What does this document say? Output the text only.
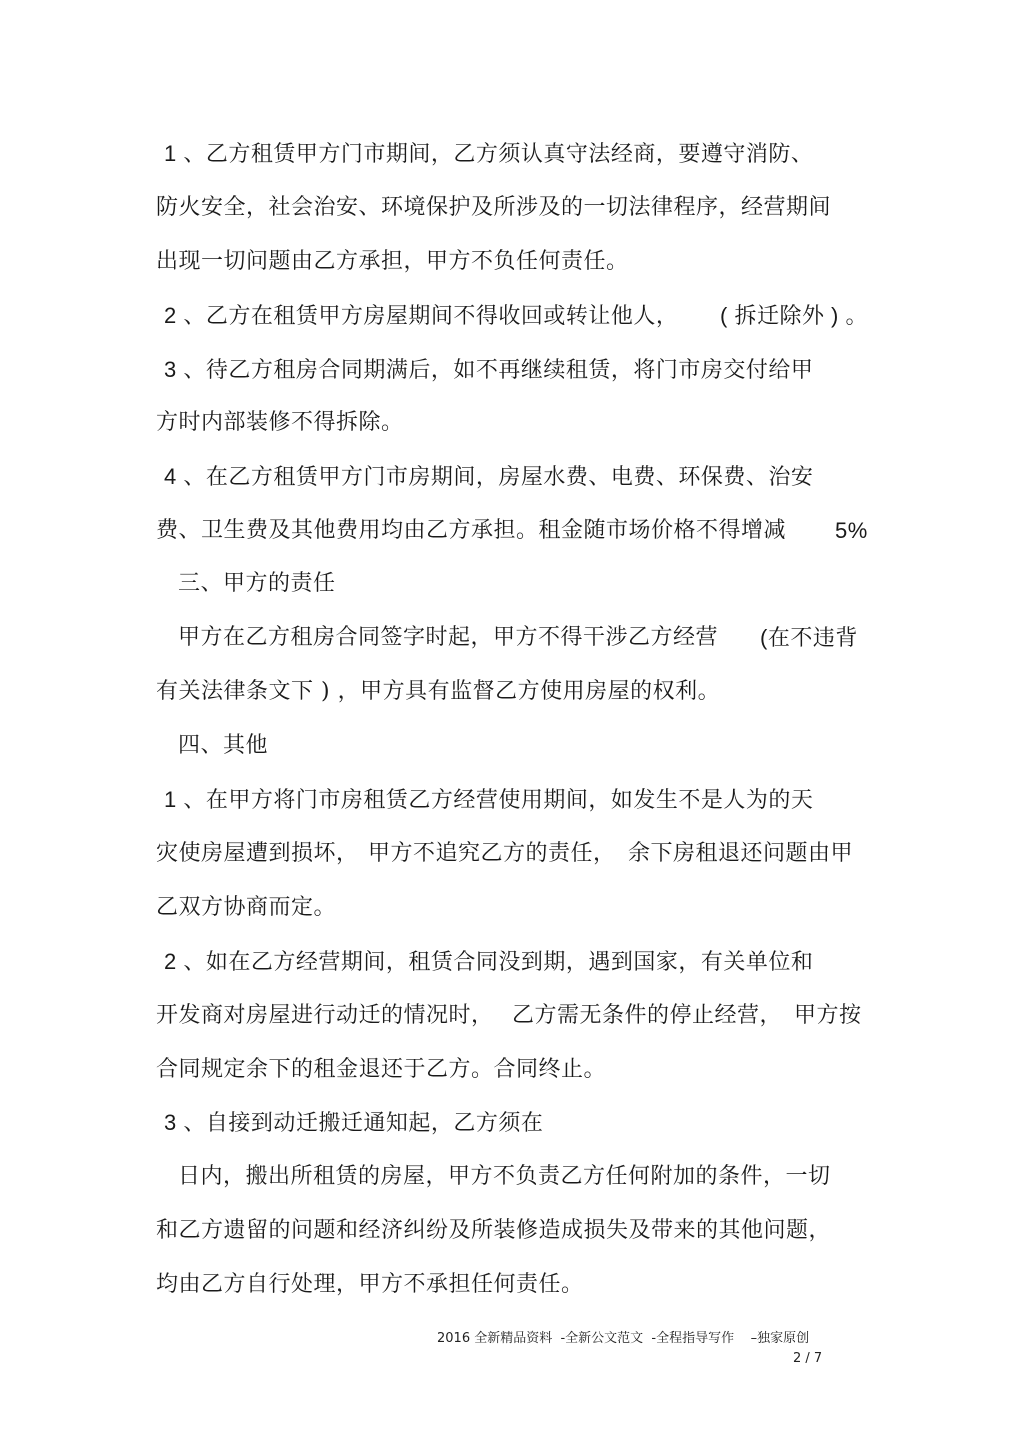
1 、乙方租赁甲方门市期间，乙方须认真守法经商，要遵守消防、
防火安全，社会治安、环境保护及所涉及的一切法律程序，经营期间
出现一切问题由乙方承担，甲方不负任何责任。
2 、乙方在租赁甲方房屋期间不得收回或转让他人， ( 拆迁除外 ) 。
3 、待乙方租房合同期满后，如不再继续租赁，将门市房交付给甲
方时内部装修不得拆除。
4 、在乙方租赁甲方门市房期间，房屋水费、电费、环保费、治安
费、卫生费及其他费用均由乙方承担。租金随市场价格不得增减 5%
三、甲方的责任
甲方在乙方租房合同签字时起，甲方不得干涉乙方经营 (在不违背
有关法律条文下 ) ，甲方具有监督乙方使用房屋的权利。
四、其他
1 、在甲方将门市房租赁乙方经营使用期间，如发生不是人为的天
灾使房屋遭到损坏， 甲方不追究乙方的责任， 余下房租退还问题由甲
乙双方协商而定。
2 、如在乙方经营期间，租赁合同没到期，遇到国家，有关单位和
开发商对房屋进行动迁的情况时， 乙方需无条件的停止经营， 甲方按
合同规定余下的租金退还于乙方。合同终止。
3 、自接到动迁搬迁通知起，乙方须在
日内，搬出所租赁的房屋，甲方不负责乙方任何附加的条件，一切
和乙方遗留的问题和经济纠纷及所装修造成损失及带来的其他问题，
均由乙方自行处理，甲方不承担任何责任。
2016 全新精品资料  -全新公文范文  -全程指导写作    –独家原创
2 / 7
